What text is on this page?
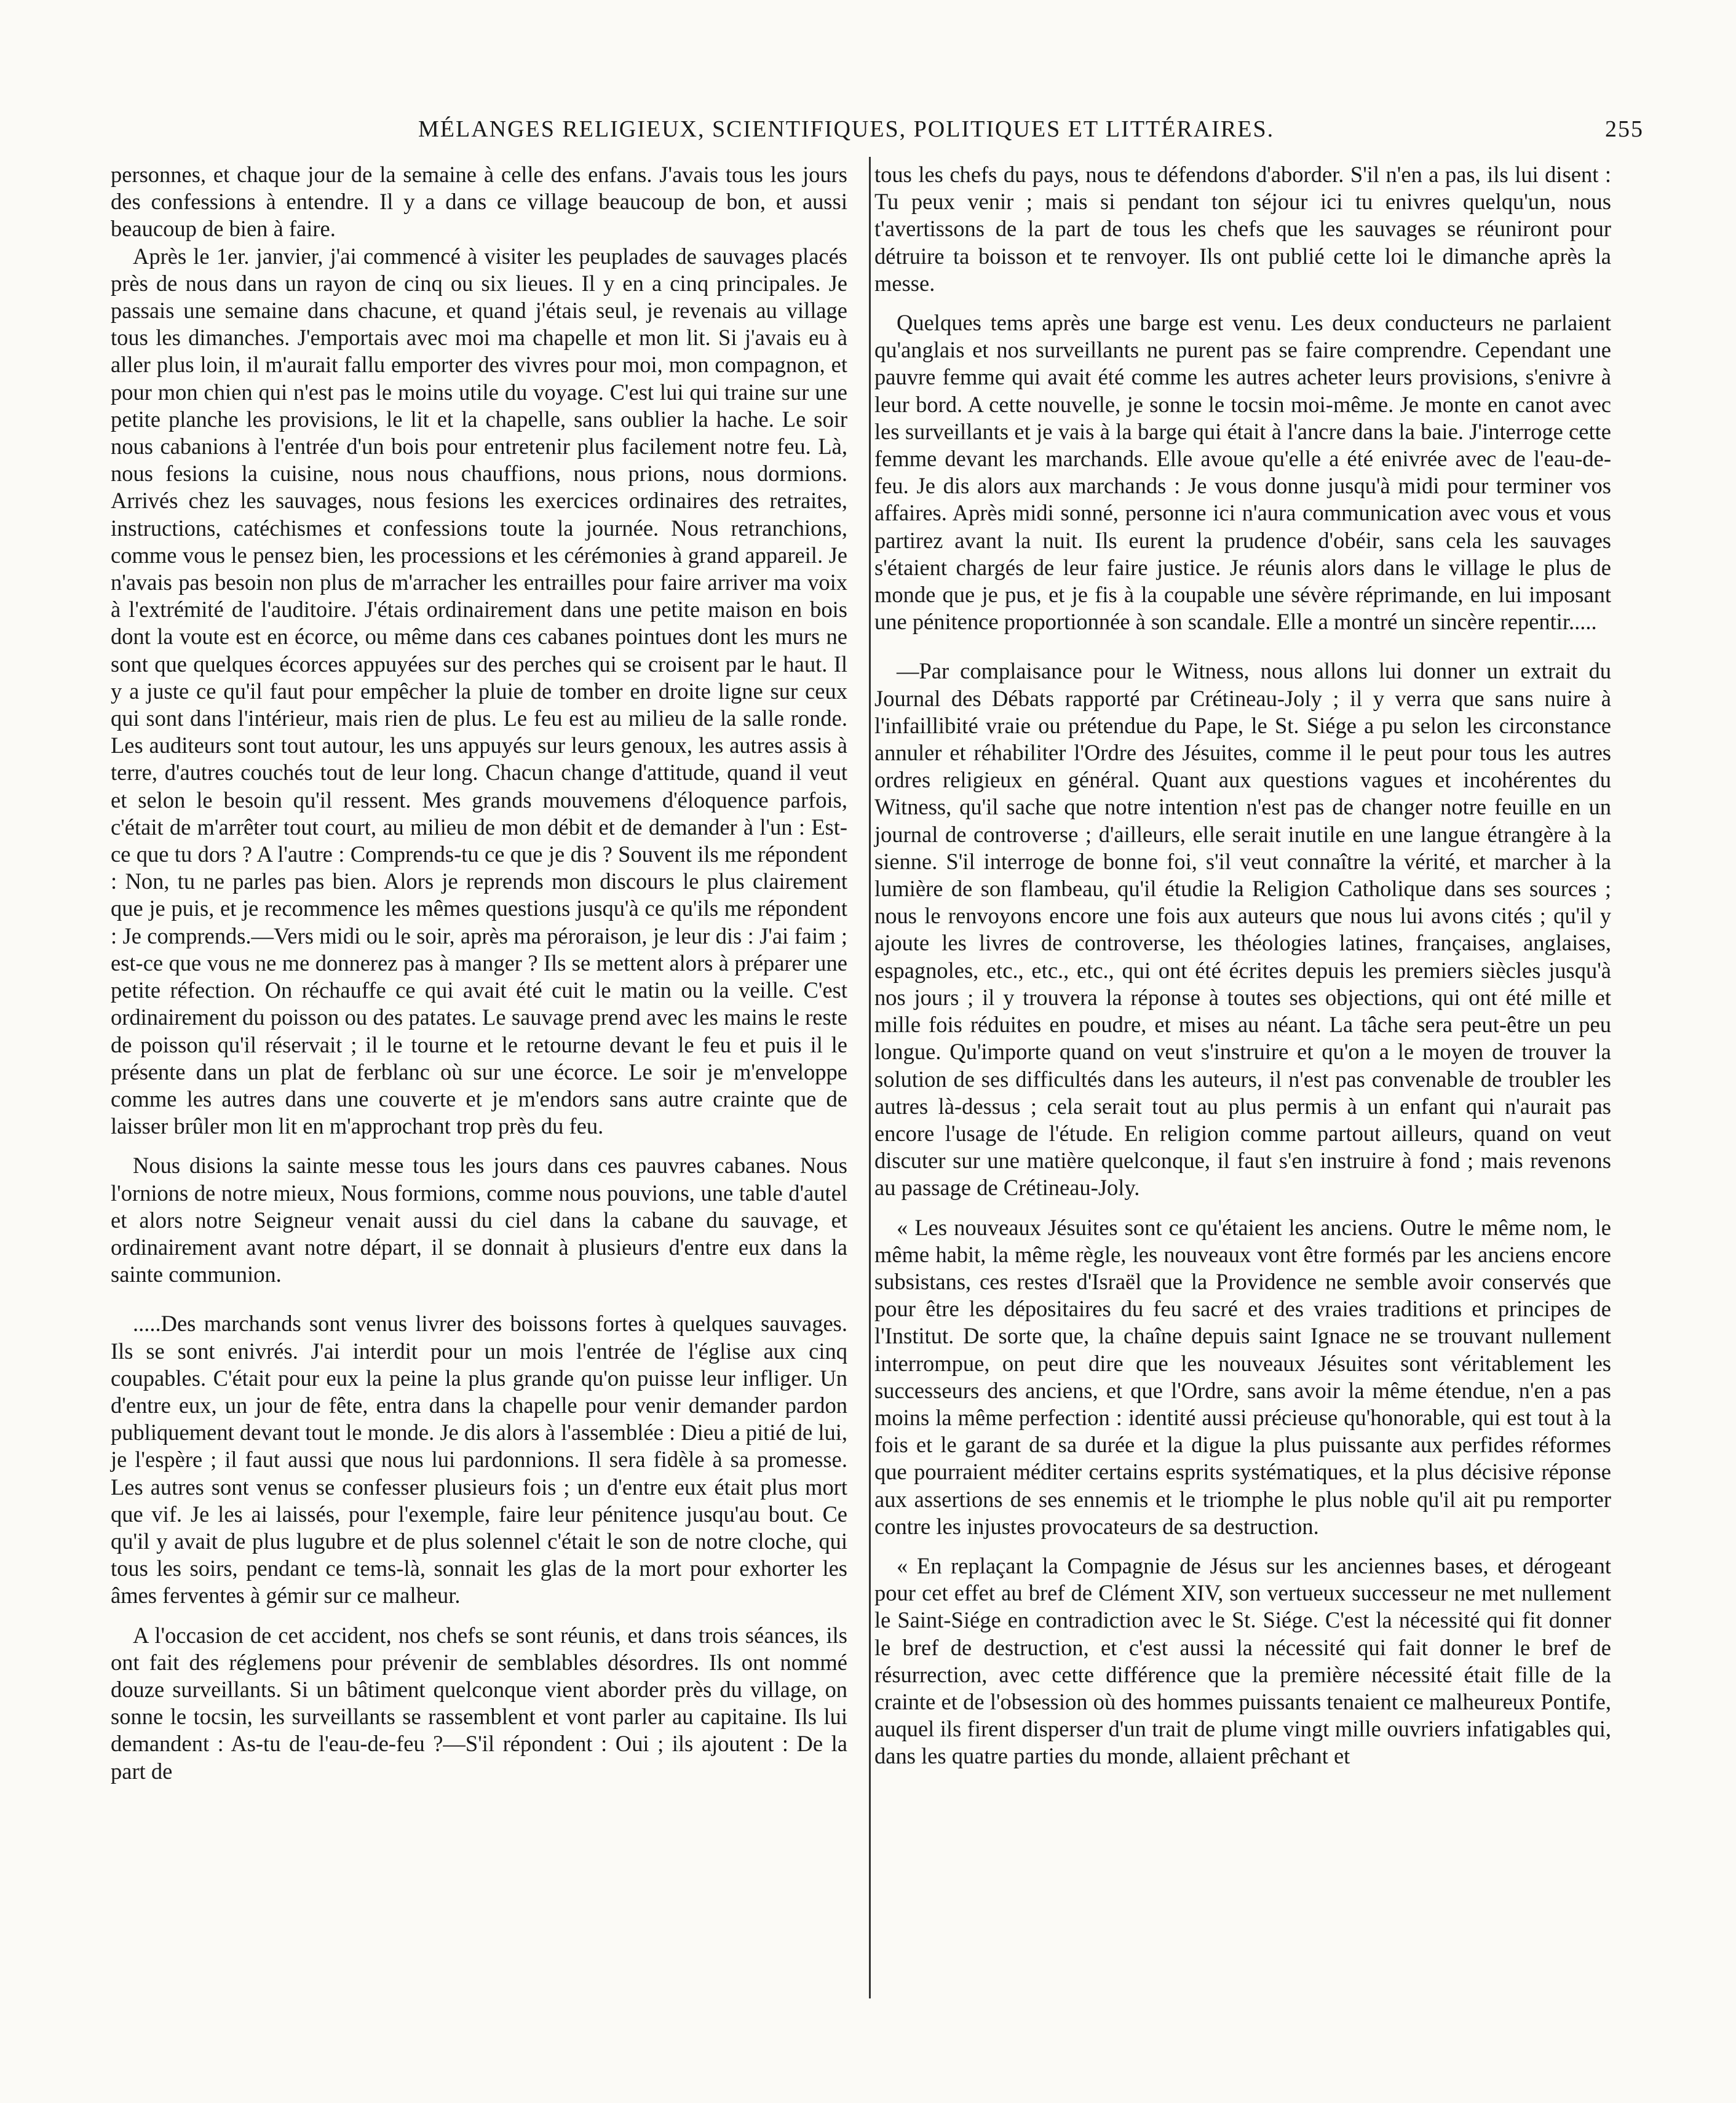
MÉLANGES RELIGIEUX, SCIENTIFIQUES, POLITIQUES ET LITTÉRAIRES.	255

personnes, et chaque jour de la semaine à celle des enfans. J'avais tous les jours des confessions à entendre. Il y a dans ce village beaucoup de bon, et aussi beaucoup de bien à faire.

Après le 1er. janvier, j'ai commencé à visiter les peuplades de sauvages placés près de nous dans un rayon de cinq ou six lieues. Il y en a cinq principales. Je passais une semaine dans chacune, et quand j'étais seul, je revenais au village tous les dimanches. J'emportais avec moi ma chapelle et mon lit. Si j'avais eu à aller plus loin, il m'aurait fallu emporter des vivres pour moi, mon compagnon, et pour mon chien qui n'est pas le moins utile du voyage. C'est lui qui traine sur une petite planche les provisions, le lit et la chapelle, sans oublier la hache. Le soir nous cabanions à l'entrée d'un bois pour entretenir plus facilement notre feu. Là, nous fesions la cuisine, nous nous chauffions, nous prions, nous dormions. Arrivés chez les sauvages, nous fesions les exercices ordinaires des retraites, instructions, catéchismes et confessions toute la journée. Nous retranchions, comme vous le pensez bien, les processions et les cérémonies à grand appareil. Je n'avais pas besoin non plus de m'arracher les entrailles pour faire arriver ma voix à l'extrémité de l'auditoire. J'étais ordinairement dans une petite maison en bois dont la voute est en écorce, ou même dans ces cabanes pointues dont les murs ne sont que quelques écorces appuyées sur des perches qui se croisent par le haut. Il y a juste ce qu'il faut pour empêcher la pluie de tomber en droite ligne sur ceux qui sont dans l'intérieur, mais rien de plus. Le feu est au milieu de la salle ronde. Les auditeurs sont tout autour, les uns appuyés sur leurs genoux, les autres assis à terre, d'autres couchés tout de leur long. Chacun change d'attitude, quand il veut et selon le besoin qu'il ressent. Mes grands mouvemens d'éloquence parfois, c'était de m'arrêter tout court, au milieu de mon débit et de demander à l'un : Est-ce que tu dors ? A l'autre : Comprends-tu ce que je dis ? Souvent ils me répondent : Non, tu ne parles pas bien. Alors je reprends mon discours le plus clairement que je puis, et je recommence les mêmes questions jusqu'à ce qu'ils me répondent : Je comprends.—Vers midi ou le soir, après ma péroraison, je leur dis : J'ai faim ; est-ce que vous ne me donnerez pas à manger ? Ils se mettent alors à préparer une petite réfection. On réchauffe ce qui avait été cuit le matin ou la veille. C'est ordinairement du poisson ou des patates. Le sauvage prend avec les mains le reste de poisson qu'il réservait ; il le tourne et le retourne devant le feu et puis il le présente dans un plat de ferblanc où sur une écorce. Le soir je m'enveloppe comme les autres dans une couverte et je m'endors sans autre crainte que de laisser brûler mon lit en m'approchant trop près du feu.

Nous disions la sainte messe tous les jours dans ces pauvres cabanes. Nous l'ornions de notre mieux, Nous formions, comme nous pouvions, une table d'autel et alors notre Seigneur venait aussi du ciel dans la cabane du sauvage, et ordinairement avant notre départ, il se donnait à plusieurs d'entre eux dans la sainte communion.

.....Des marchands sont venus livrer des boissons fortes à quelques sauvages. Ils se sont enivrés. J'ai interdit pour un mois l'entrée de l'église aux cinq coupables. C'était pour eux la peine la plus grande qu'on puisse leur infliger. Un d'entre eux, un jour de fête, entra dans la chapelle pour venir demander pardon publiquement devant tout le monde. Je dis alors à l'assemblée : Dieu a pitié de lui, je l'espère ; il faut aussi que nous lui pardonnions. Il sera fidèle à sa promesse. Les autres sont venus se confesser plusieurs fois ; un d'entre eux était plus mort que vif. Je les ai laissés, pour l'exemple, faire leur pénitence jusqu'au bout. Ce qu'il y avait de plus lugubre et de plus solennel c'était le son de notre cloche, qui tous les soirs, pendant ce tems-là, sonnait les glas de la mort pour exhorter les âmes ferventes à gémir sur ce malheur.

A l'occasion de cet accident, nos chefs se sont réunis, et dans trois séances, ils ont fait des réglemens pour prévenir de semblables désordres. Ils ont nommé douze surveillants. Si un bâtiment quelconque vient aborder près du village, on sonne le tocsin, les surveillants se rassemblent et vont parler au capitaine. Ils lui demandent : As-tu de l'eau-de-feu ?—S'il répondent : Oui ; ils ajoutent : De la part de

tous les chefs du pays, nous te défendons d'aborder. S'il n'en a pas, ils lui disent : Tu peux venir ; mais si pendant ton séjour ici tu enivres quelqu'un, nous t'avertissons de la part de tous les chefs que les sauvages se réuniront pour détruire ta boisson et te renvoyer. Ils ont publié cette loi le dimanche après la messe.

Quelques tems après une barge est venu. Les deux conducteurs ne parlaient qu'anglais et nos surveillants ne purent pas se faire comprendre. Cependant une pauvre femme qui avait été comme les autres acheter leurs provisions, s'enivre à leur bord. A cette nouvelle, je sonne le tocsin moi-même. Je monte en canot avec les surveillants et je vais à la barge qui était à l'ancre dans la baie. J'interroge cette femme devant les marchands. Elle avoue qu'elle a été enivrée avec de l'eau-de-feu. Je dis alors aux marchands : Je vous donne jusqu'à midi pour terminer vos affaires. Après midi sonné, personne ici n'aura communication avec vous et vous partirez avant la nuit. Ils eurent la prudence d'obéir, sans cela les sauvages s'étaient chargés de leur faire justice. Je réunis alors dans le village le plus de monde que je pus, et je fis à la coupable une sévère réprimande, en lui imposant une pénitence proportionnée à son scandale. Elle a montré un sincère repentir.....

—Par complaisance pour le Witness, nous allons lui donner un extrait du Journal des Débats rapporté par Crétineau-Joly ; il y verra que sans nuire à l'infaillibité vraie ou prétendue du Pape, le St. Siége a pu selon les circonstance annuler et réhabiliter l'Ordre des Jésuites, comme il le peut pour tous les autres ordres religieux en général. Quant aux questions vagues et incohérentes du Witness, qu'il sache que notre intention n'est pas de changer notre feuille en un journal de controverse ; d'ailleurs, elle serait inutile en une langue étrangère à la sienne. S'il interroge de bonne foi, s'il veut connaître la vérité, et marcher à la lumière de son flambeau, qu'il étudie la Religion Catholique dans ses sources ; nous le renvoyons encore une fois aux auteurs que nous lui avons cités ; qu'il y ajoute les livres de controverse, les théologies latines, françaises, anglaises, espagnoles, etc., etc., etc., qui ont été écrites depuis les premiers siècles jusqu'à nos jours ; il y trouvera la réponse à toutes ses objections, qui ont été mille et mille fois réduites en poudre, et mises au néant. La tâche sera peut-être un peu longue. Qu'importe quand on veut s'instruire et qu'on a le moyen de trouver la solution de ses difficultés dans les auteurs, il n'est pas convenable de troubler les autres là-dessus ; cela serait tout au plus permis à un enfant qui n'aurait pas encore l'usage de l'étude. En religion comme partout ailleurs, quand on veut discuter sur une matière quelconque, il faut s'en instruire à fond ; mais revenons au passage de Crétineau-Joly.

« Les nouveaux Jésuites sont ce qu'étaient les anciens. Outre le même nom, le même habit, la même règle, les nouveaux vont être formés par les anciens encore subsistans, ces restes d'Israël que la Providence ne semble avoir conservés que pour être les dépositaires du feu sacré et des vraies traditions et principes de l'Institut. De sorte que, la chaîne depuis saint Ignace ne se trouvant nullement interrompue, on peut dire que les nouveaux Jésuites sont véritablement les successeurs des anciens, et que l'Ordre, sans avoir la même étendue, n'en a pas moins la même perfection : identité aussi précieuse qu'honorable, qui est tout à la fois et le garant de sa durée et la digue la plus puissante aux perfides réformes que pourraient méditer certains esprits systématiques, et la plus décisive réponse aux assertions de ses ennemis et le triomphe le plus noble qu'il ait pu remporter contre les injustes provocateurs de sa destruction.

« En replaçant la Compagnie de Jésus sur les anciennes bases, et dérogeant pour cet effet au bref de Clément XIV, son vertueux successeur ne met nullement le Saint-Siége en contradiction avec le St. Siége. C'est la nécessité qui fit donner le bref de destruction, et c'est aussi la nécessité qui fait donner le bref de résurrection, avec cette différence que la première nécessité était fille de la crainte et de l'obsession où des hommes puissants tenaient ce malheureux Pontife, auquel ils firent disperser d'un trait de plume vingt mille ouvriers infatigables qui, dans les quatre parties du monde, allaient prêchant et
